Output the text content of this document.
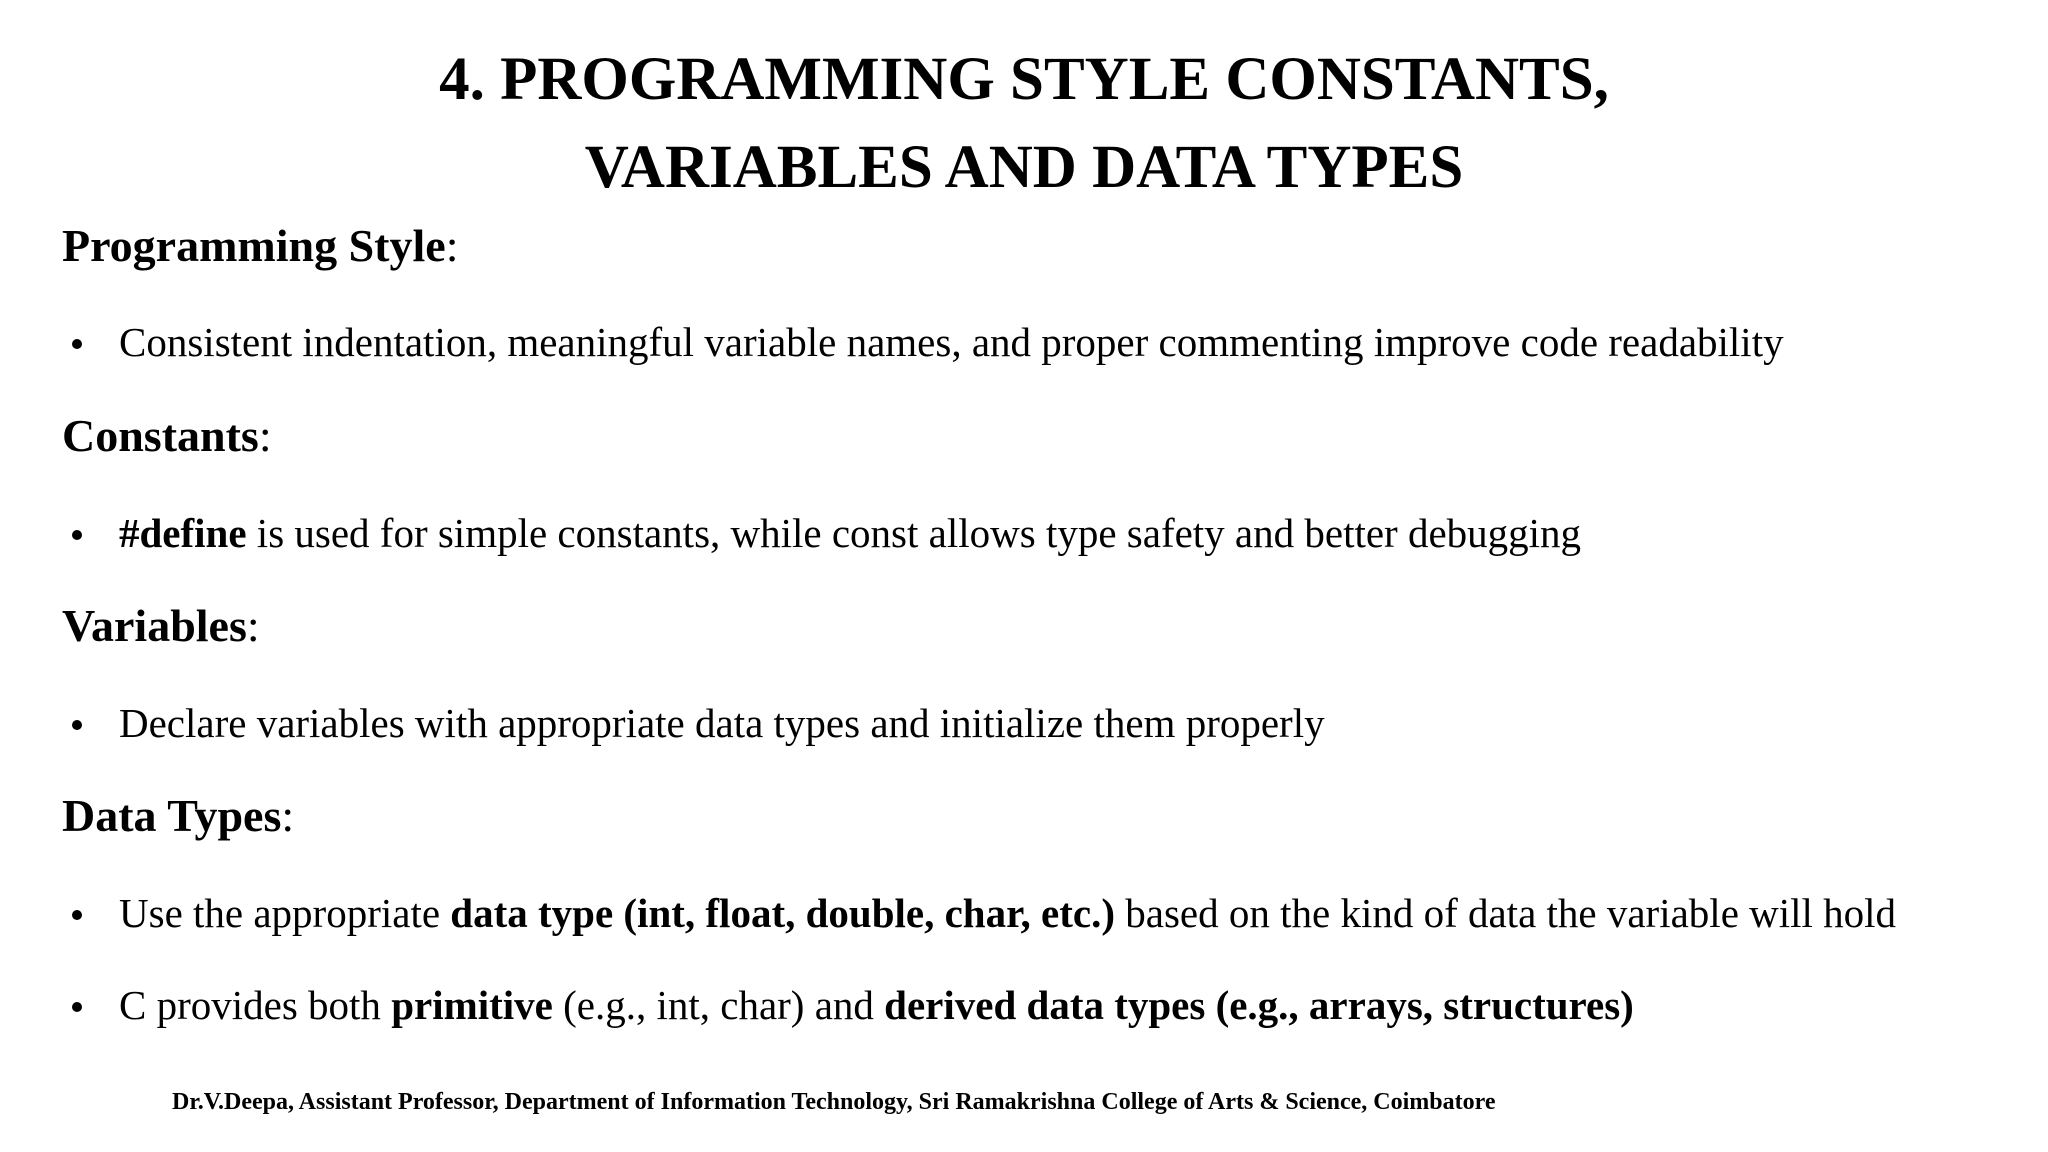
4. PROGRAMMING STYLE CONSTANTS,
VARIABLES AND DATA TYPES
Programming Style:
Consistent indentation, meaningful variable names, and proper commenting improve code readability
Constants:
#define is used for simple constants, while const allows type safety and better debugging
Variables:
Declare variables with appropriate data types and initialize them properly
Data Types:
Use the appropriate data type (int, float, double, char, etc.) based on the kind of data the variable will hold
C provides both primitive (e.g., int, char) and derived data types (e.g., arrays, structures)
Dr.V.Deepa, Assistant Professor, Department of Information Technology, Sri Ramakrishna College of Arts & Science, Coimbatore
